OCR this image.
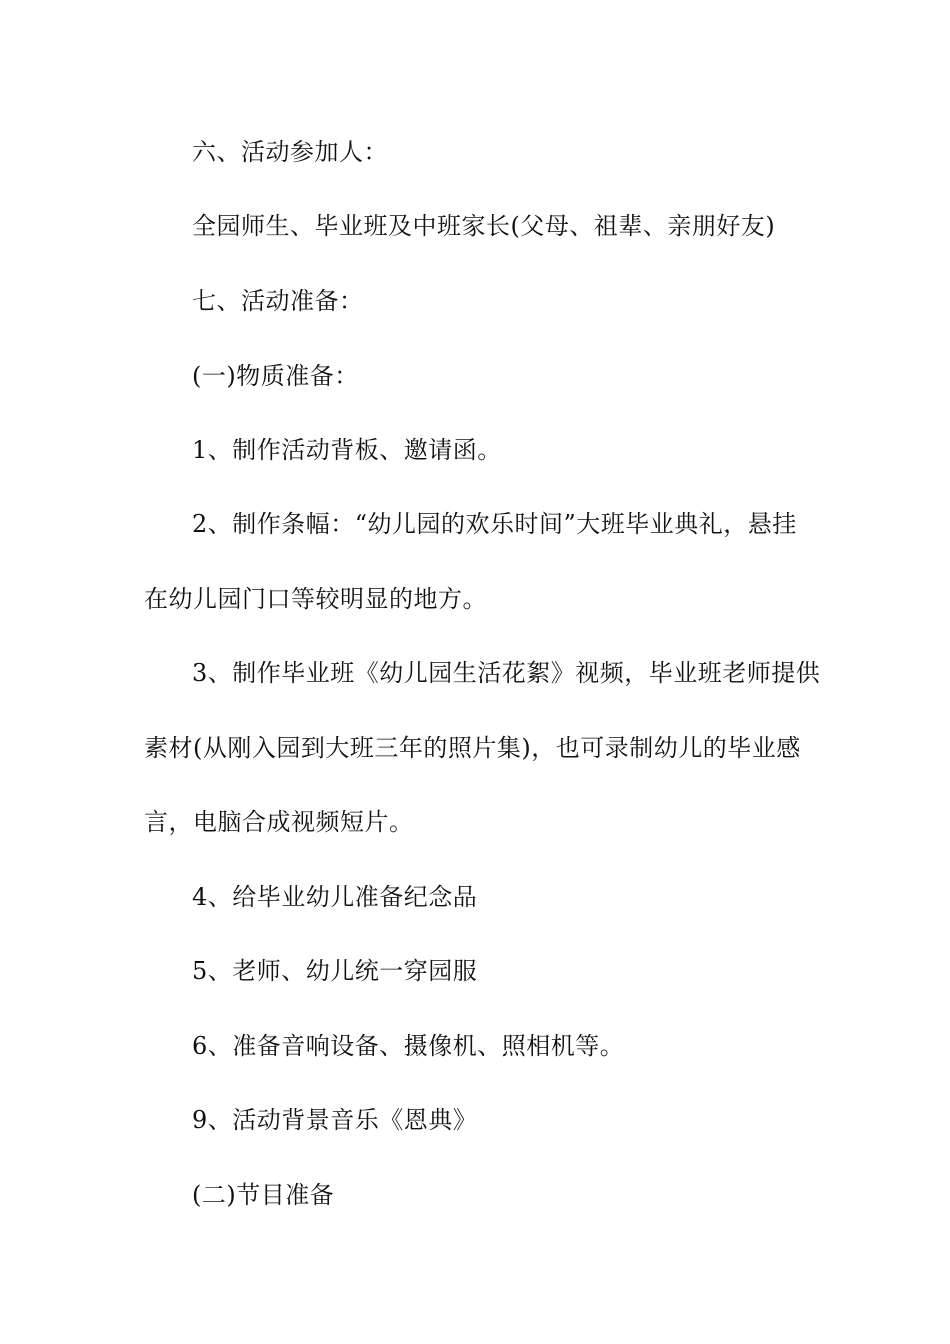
六、活动参加人：

全园师生、毕业班及中班家长(父母、祖辈、亲朋好友)

七、活动准备：

(一)物质准备：

1、制作活动背板、邀请函。

2、制作条幅：“幼儿园的欢乐时间”大班毕业典礼，悬挂

在幼儿园门口等较明显的地方。

3、制作毕业班《幼儿园生活花絮》视频，毕业班老师提供

素材(从刚入园到大班三年的照片集)，也可录制幼儿的毕业感

言，电脑合成视频短片。

4、给毕业幼儿准备纪念品

5、老师、幼儿统一穿园服

6、准备音响设备、摄像机、照相机等。

9、活动背景音乐《恩典》

(二)节目准备
